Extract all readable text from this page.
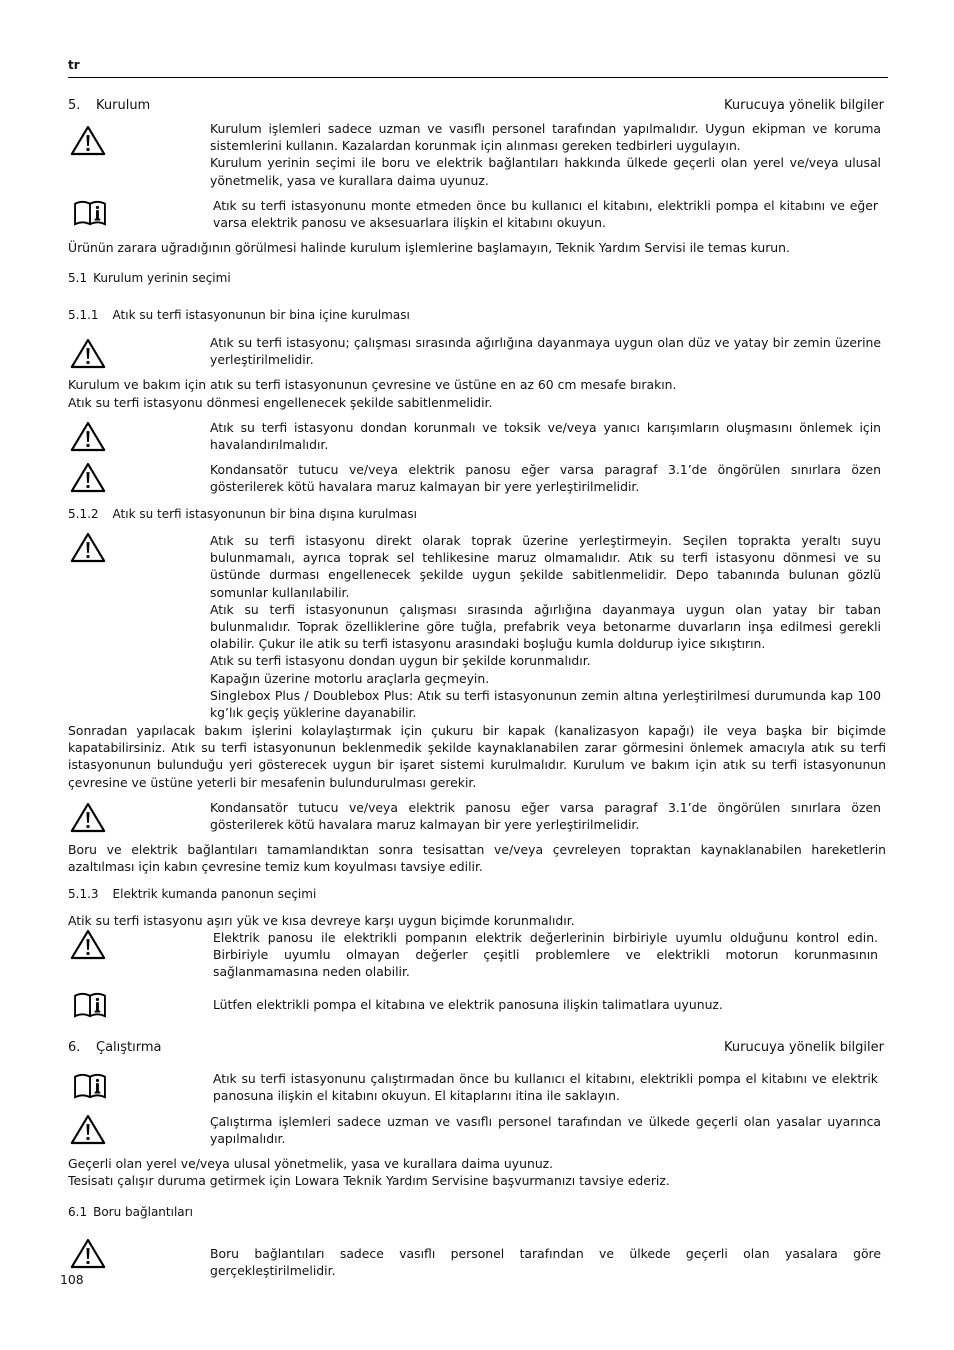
tr
5. Kurulum	Kurucuya yönelik bilgiler

Kurulum işlemleri sadece uzman ve vasıflı personel tarafından yapılmalıdır. Uygun ekipman ve koruma sistemlerini kullanın. Kazalardan korunmak için alınması gereken tedbirleri uygulayın.

Kurulum yerinin seçimi ile boru ve elektrik bağlantıları hakkında ülkede geçerli olan yerel ve/veya ulusal yönetmelik, yasa ve kurallara daima uyunuz.

Atık su terfi istasyonunu monte etmeden önce bu kullanıcı el kitabını, elektrikli pompa el kitabını ve eğer varsa elektrik panosu ve aksesuarlara ilişkin el kitabını okuyun.
Ürünün zarara uğradığının görülmesi halinde kurulum işlemlerine başlamayın, Teknik Yardım Servisi ile temas kurun.
5.1 Kurulum yerinin seçimi
5.1.1 Atık su terfi istasyonunun bir bina içine kurulması
Atık su terfi istasyonu; çalışması sırasında ağırlığına dayanmaya uygun olan düz ve yatay bir zemin üzerine yerleştirilmelidir.
Kurulum ve bakım için atık su terfi istasyonunun çevresine ve üstüne en az 60 cm mesafe bırakın.
Atık su terfi istasyonu dönmesi engellenecek şekilde sabitlenmelidir.
Atık su terfi istasyonu dondan korunmalı ve toksik ve/veya yanıcı karışımların oluşmasını önlemek için havalandırılmalıdır.
Kondansatör tutucu ve/veya elektrik panosu eğer varsa paragraf 3.1’de öngörülen sınırlara özen gösterilerek kötü havalara maruz kalmayan bir yere yerleştirilmelidir.
5.1.2 Atık su terfi istasyonunun bir bina dışına kurulması

Atık su terfi istasyonu direkt olarak toprak üzerine yerleştirmeyin. Seçilen toprakta yeraltı suyu bulunmamalı, ayrıca toprak sel tehlikesine maruz olmamalıdır. Atık su terfi istasyonu dönmesi ve su üstünde durması engellenecek şekilde uygun şekilde sabitlenmelidir. Depo tabanında bulunan gözlü somunlar kullanılabilir.

Atık su terfi istasyonunun çalışması sırasında ağırlığına dayanmaya uygun olan yatay bir taban bulunmalıdır. Toprak özelliklerine göre tuğla, prefabrik veya betonarme duvarların inşa edilmesi gerekli olabilir. Çukur ile atik su terfi istasyonu arasındaki boşluğu kumla doldurup iyice sıkıştırın.

Atık su terfi istasyonu dondan uygun bir şekilde korunmalıdır.

Kapağın üzerine motorlu araçlarla geçmeyin.

Singlebox Plus / Doublebox Plus: Atık su terfi istasyonunun zemin altına yerleştirilmesi durumunda kap 100 kg’lık geçiş yüklerine dayanabilir.

Sonradan yapılacak bakım işlerini kolaylaştırmak için çukuru bir kapak (kanalizasyon kapağı) ile veya başka bir biçimde kapatabilirsiniz. Atık su terfi istasyonunun beklenmedik şekilde kaynaklanabilen zarar görmesini önlemek amacıyla atık su terfi istasyonunun bulunduğu yeri gösterecek uygun bir işaret sistemi kurulmalıdır. Kurulum ve bakım için atık su terfi istasyonunun çevresine ve üstüne yeterli bir mesafenin bulundurulması gerekir.
Kondansatör tutucu ve/veya elektrik panosu eğer varsa paragraf 3.1’de öngörülen sınırlara özen gösterilerek kötü havalara maruz kalmayan bir yere yerleştirilmelidir.
Boru ve elektrik bağlantıları tamamlandıktan sonra tesisattan ve/veya çevreleyen topraktan kaynaklanabilen hareketlerin azaltılması için kabın çevresine temiz kum koyulması tavsiye edilir.
5.1.3 Elektrik kumanda panonun seçimi
Atik su terfi istasyonu aşırı yük ve kısa devreye karşı uygun biçimde korunmalıdır.
Elektrik panosu ile elektrikli pompanın elektrik değerlerinin birbiriyle uyumlu olduğunu kontrol edin. Birbiriyle uyumlu olmayan değerler çeşitli problemlere ve elektrikli motorun korunmasının sağlanmamasına neden olabilir.
Lütfen elektrikli pompa el kitabına ve elektrik panosuna ilişkin talimatlara uyunuz.
6. Çalıştırma	Kurucuya yönelik bilgiler
Atık su terfi istasyonunu çalıştırmadan önce bu kullanıcı el kitabını, elektrikli pompa el kitabını ve elektrik panosuna ilişkin el kitabını okuyun. El kitaplarını itina ile saklayın.
Çalıştırma işlemleri sadece uzman ve vasıflı personel tarafından ve ülkede geçerli olan yasalar uyarınca yapılmalıdır.
Geçerli olan yerel ve/veya ulusal yönetmelik, yasa ve kurallara daima uyunuz.
Tesisatı çalışır duruma getirmek için Lowara Teknik Yardım Servisine başvurmanızı tavsiye ederiz.
6.1 Boru bağlantıları
Boru bağlantıları sadece vasıflı personel tarafından ve ülkede geçerli olan yasalara göre gerçekleştirilmelidir.
108
